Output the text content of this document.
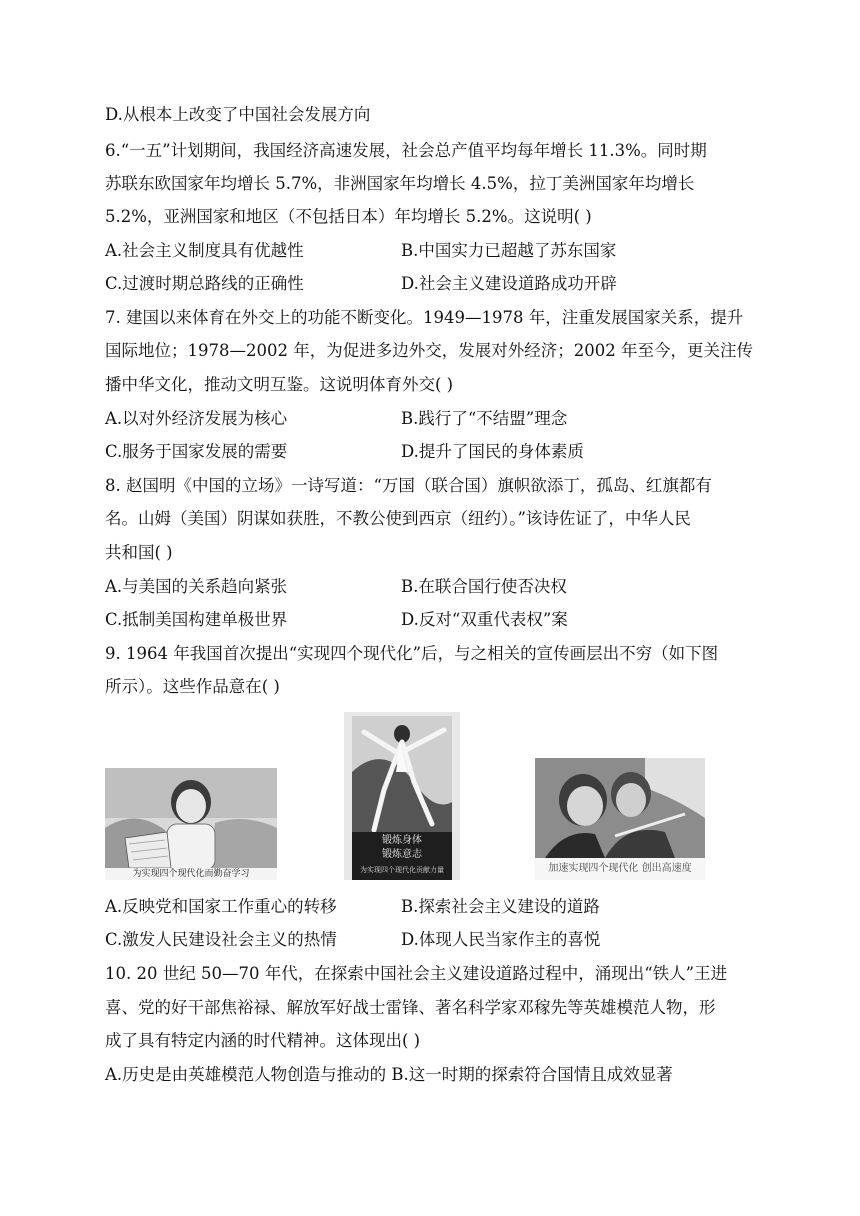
D.从根本上改变了中国社会发展方向
6.“一五”计划期间，我国经济高速发展，社会总产值平均每年增长 11.3%。同时期
苏联东欧国家年均增长 5.7%，非洲国家年均增长 4.5%，拉丁美洲国家年均增长
5.2%，亚洲国家和地区（不包括日本）年均增长 5.2%。这说明( )
A.社会主义制度具有优越性	B.中国实力已超越了苏东国家
C.过渡时期总路线的正确性	D.社会主义建设道路成功开辟
7. 建国以来体育在外交上的功能不断变化。1949—1978 年，注重发展国家关系，提升
国际地位；1978—2002 年，为促进多边外交，发展对外经济；2002 年至今，更关注传
播中华文化，推动文明互鉴。这说明体育外交( )
A.以对外经济发展为核心	B.践行了“不结盟”理念
C.服务于国家发展的需要	D.提升了国民的身体素质
8. 赵国明《中国的立场》一诗写道：“万国（联合国）旗帜欲添丁，孤岛、红旗都有
名。山姆（美国）阴谋如获胜，不教公使到西京（纽约）。”该诗佐证了，中华人民
共和国( )
A.与美国的关系趋向紧张	B.在联合国行使否决权
C.抵制美国构建单极世界	D.反对“双重代表权”案
9. 1964 年我国首次提出“实现四个现代化”后，与之相关的宣传画层出不穷（如下图
所示）。这些作品意在( )
为实现四个现代化而勤奋学习
锻炼身体
锻炼意志
为实现四个现代化贡献力量	加速实现四个现代化 创出高速度
A.反映党和国家工作重心的转移	B.探索社会主义建设的道路
C.激发人民建设社会主义的热情	D.体现人民当家作主的喜悦
10. 20 世纪 50—70 年代，在探索中国社会主义建设道路过程中，涌现出“铁人”王进
喜、党的好干部焦裕禄、解放军好战士雷锋、著名科学家邓稼先等英雄模范人物，形
成了具有特定内涵的时代精神。这体现出( )
A.历史是由英雄模范人物创造与推动的 B.这一时期的探索符合国情且成效显著
